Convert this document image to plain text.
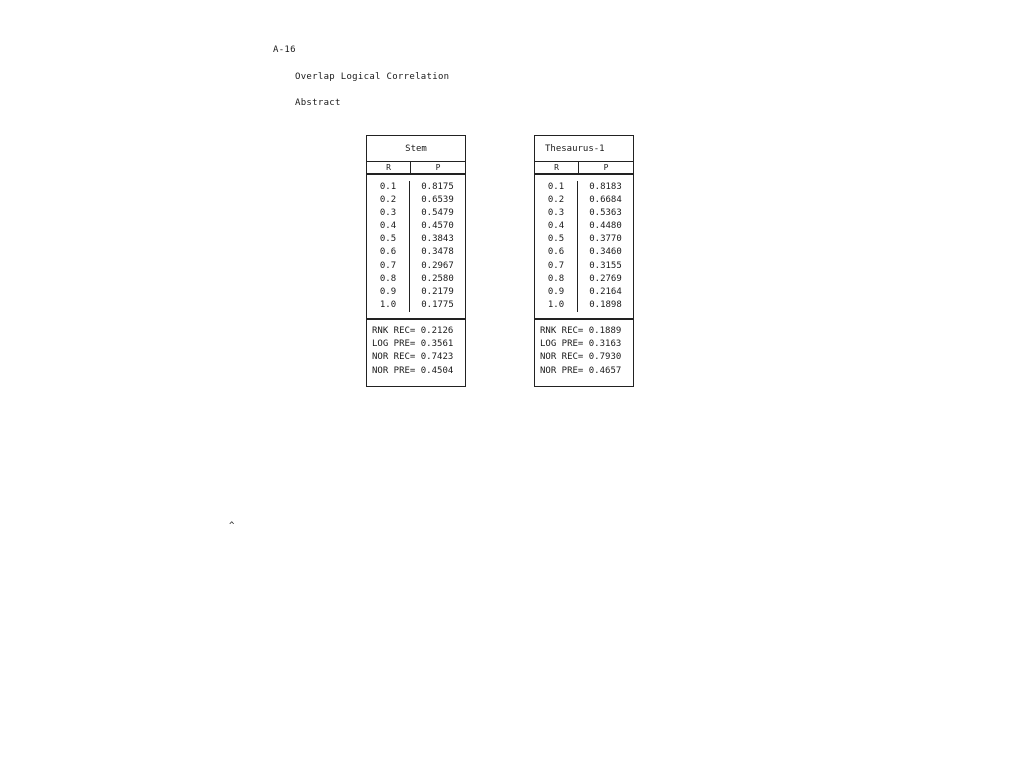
A-16
Overlap Logical Correlation
Abstract
Stem
R	P
0.1
0.2
0.3
0.4
0.5
0.6
0.7
0.8
0.9
1.0
0.8175
0.6539
0.5479
0.4570
0.3843
0.3478
0.2967
0.2580
0.2179
0.1775
RNK REC= 0.2126
LOG PRE= 0.3561
NOR REC= 0.7423
NOR PRE= 0.4504
Thesaurus-1
R	P
0.1
0.2
0.3
0.4
0.5
0.6
0.7
0.8
0.9
1.0
0.8183
0.6684
0.5363
0.4480
0.3770
0.3460
0.3155
0.2769
0.2164
0.1898
RNK REC= 0.1889
LOG PRE= 0.3163
NOR REC= 0.7930
NOR PRE= 0.4657
^
